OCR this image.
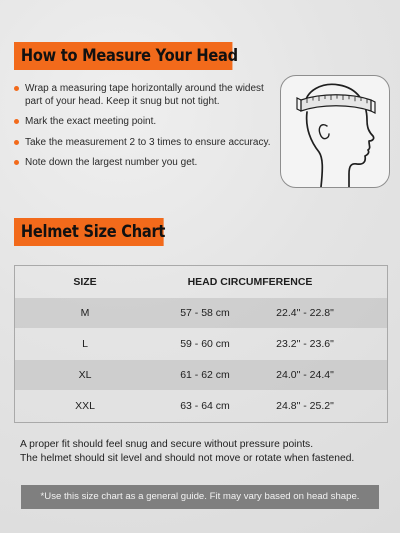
How to Measure Your Head
Wrap a measuring tape horizontally around the widest part of your head. Keep it snug but not tight.
Mark the exact meeting point.
Take the measurement 2 to 3 times to ensure accuracy.
Note down the largest number you get.
Helmet Size Chart
SIZE	HEAD CIRCUMFERENCE
M	57 - 58 cm	22.4" - 22.8"
L	59 - 60 cm	23.2" - 23.6"
XL	61 - 62 cm	24.0" - 24.4"
XXL	63 - 64 cm	24.8" - 25.2"

A proper fit should feel snug and secure without pressure points.

The helmet should sit level and should not move or rotate when fastened.

*Use this size chart as a general guide. Fit may vary based on head shape.
